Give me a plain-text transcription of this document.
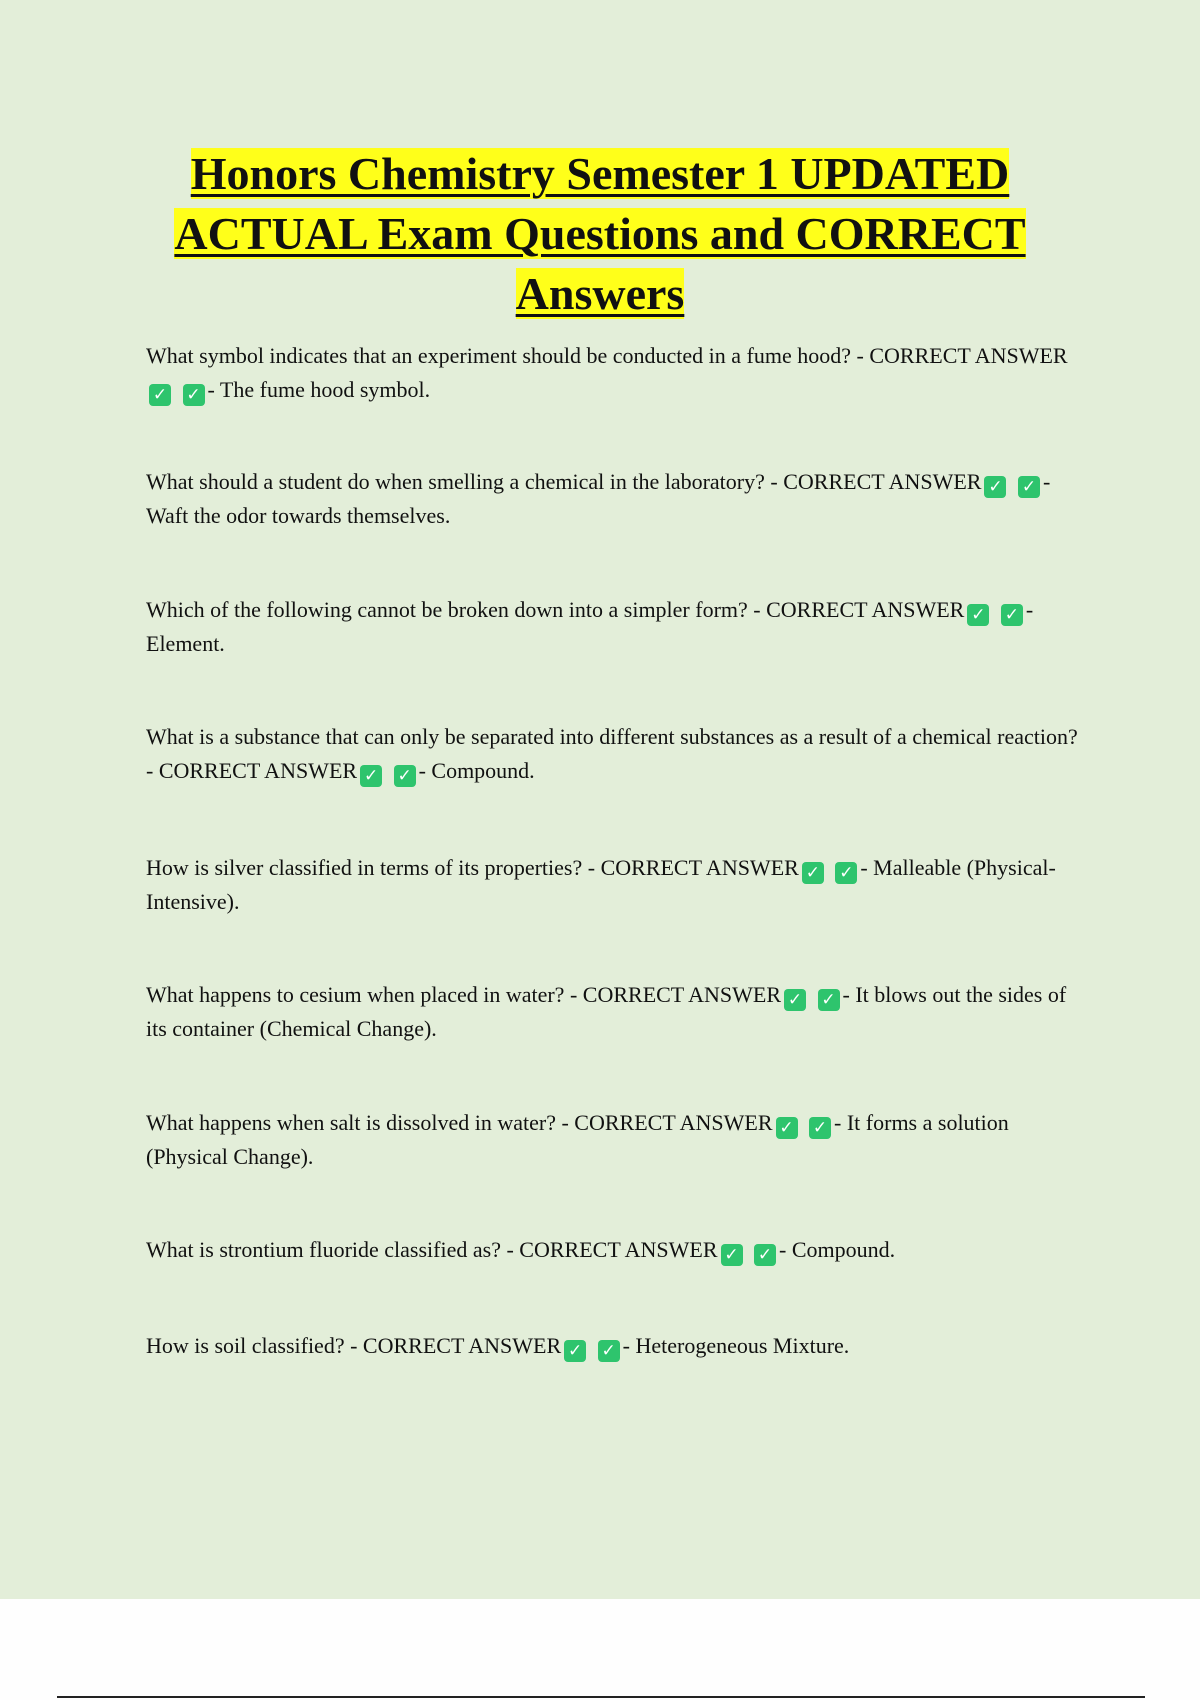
Honors Chemistry Semester 1 UPDATED ACTUAL Exam Questions and CORRECT Answers
What symbol indicates that an experiment should be conducted in a fume hood? - CORRECT ANSWER✓ ✓ - The fume hood symbol.
What should a student do when smelling a chemical in the laboratory? - CORRECT ANSWER ✓ ✓ - Waft the odor towards themselves.
Which of the following cannot be broken down into a simpler form? - CORRECT ANSWER ✓ ✓ - Element.
What is a substance that can only be separated into different substances as a result of a chemical reaction? - CORRECT ANSWER ✓ ✓ - Compound.
How is silver classified in terms of its properties? - CORRECT ANSWER ✓ ✓ - Malleable (Physical-Intensive).
What happens to cesium when placed in water? - CORRECT ANSWER ✓ ✓ - It blows out the sides of its container (Chemical Change).
What happens when salt is dissolved in water? - CORRECT ANSWER ✓ ✓ - It forms a solution (Physical Change).
What is strontium fluoride classified as? - CORRECT ANSWER ✓ ✓ - Compound.
How is soil classified? - CORRECT ANSWER ✓ ✓ - Heterogeneous Mixture.
